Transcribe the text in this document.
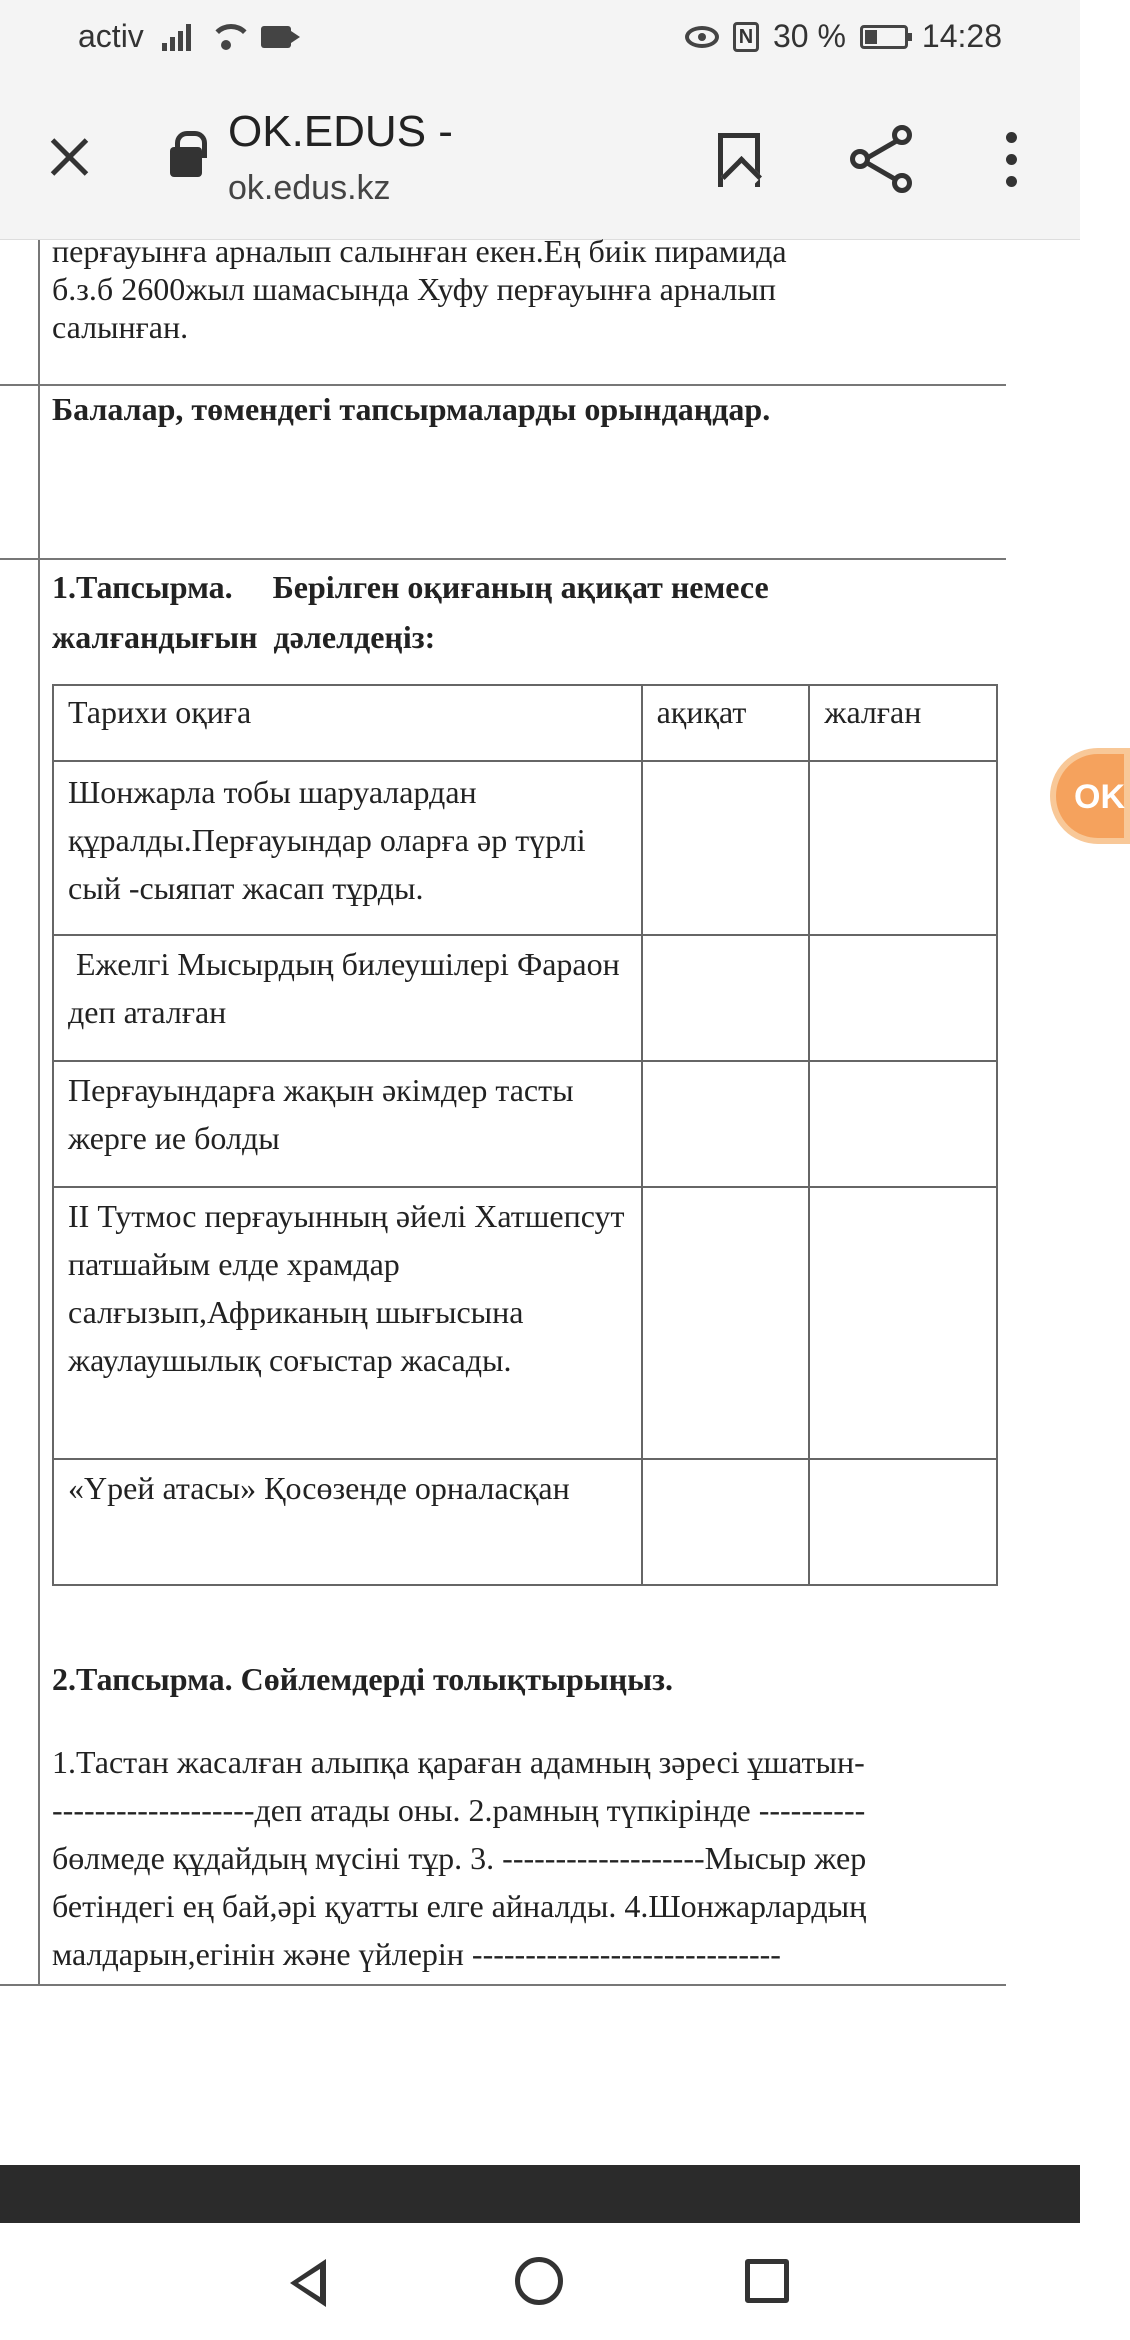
activ	N 30 % 14:28
OK.EDUS -
ok.edus.kz
перғауынға арналып салынған екен.Ең биік пирамида
б.з.б 2600жыл шамасында Хуфу перғауынға арналып
салынған.
Балалар, төмендегі тапсырмаларды орындаңдар.
1.Тапсырма.     Берілген оқиғаның ақиқат немесе
жалғандығын  дәлелдеңіз:
Тарихи оқиға	ақиқат	жалған
Шонжарла тобы шаруалардан құралды.Перғауындар оларға әр түрлі сый -сыяпат жасап тұрды.		
Ежелгі Мысырдың билеушілері Фараон деп аталған		
Перғауындарға жақын әкімдер тасты жерге ие болды		
ІІ Тутмос перғауынның әйелі Хатшепсут патшайым елде храмдар салғызып,Африканың шығысына жаулаушылық соғыстар жасады.		
«Үрей атасы» Қосөзенде орналасқан		
2.Тапсырма. Сөйлемдерді толықтырыңыз.
1.Тастан жасалған алыпқа қараған адамның зәресі ұшатын-
-------------------деп атады оны. 2.рамның түпкірінде ----------
бөлмеде құдайдың мүсіні тұр. 3. -------------------Мысыр жер
бетіндегі ең бай,әрі қуатты елге айналды. 4.Шонжарлардың
малдарын,егінін және үйлерін -----------------------------
OK
